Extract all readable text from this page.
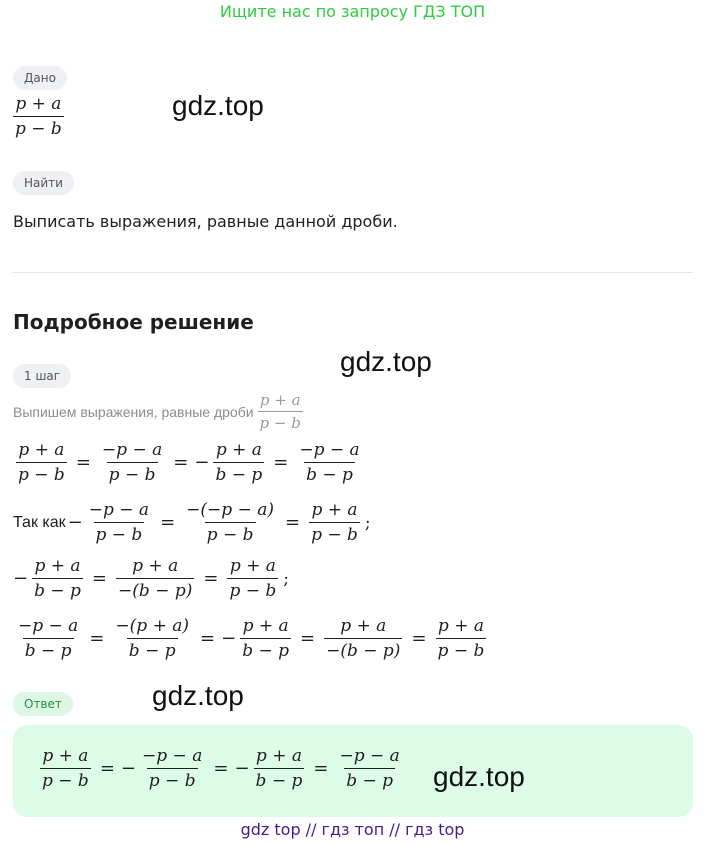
Ищите нас по запросу ГДЗ ТОП
Дано
$\frac{p + a}{p - b}$	gdz.top
Найти
Выписать выражения, равные данной дроби.
Подробное решение
gdz.top
1 шаг
Выпишем выражения, равные дроби $\frac{p + a}{p - b}$
$\frac{p + a}{p - b} = \frac{-p - a}{p - b}$ = − $\frac{p + a}{b - p} = \frac{-p - a}{b - p}$
Так как − $\frac{-p - a}{p - b} = \frac{-(-p - a)}{p - b} = \frac{p + a}{p - b}$ ;
− $\frac{p + a}{b - p} = \frac{p + a}{-(b - p)} = \frac{p + a}{p - b}$ ;
$\frac{-p - a}{b - p} = \frac{-(p + a)}{b - p}$ = − $\frac{p + a}{b - p} = \frac{p + a}{-(b - p)} = \frac{p + a}{p - b}$
Ответ	gdz.top
$\frac{p + a}{p - b}$ = − $\frac{-p - a}{p - b}$ = − $\frac{p + a}{b - p} = \frac{-p - a}{b - p} gdz.top$
gdz top // гдз топ // гдз top
